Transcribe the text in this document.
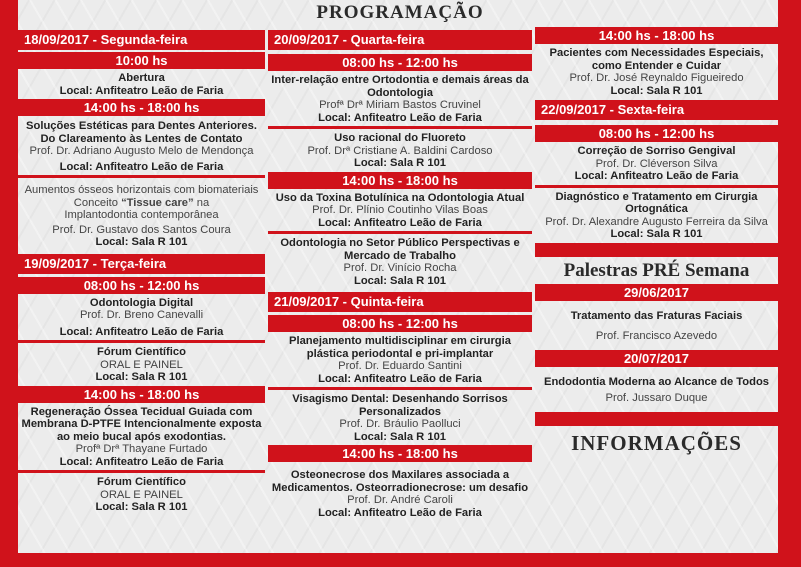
PROGRAMAÇÃO
18/09/2017 - Segunda-feira
10:00 hs
Abertura
Local: Anfiteatro Leão de Faria
14:00 hs - 18:00 hs
Soluções Estéticas para Dentes Anteriores. Do Clareamento às Lentes de Contato
Prof. Dr. Adriano Augusto Melo de Mendonça
Local: Anfiteatro Leão de Faria
Aumentos ósseos horizontais com biomateriais
Conceito “Tissue care” na
Implantodontia contemporânea
Prof. Dr. Gustavo dos Santos Coura
Local: Sala R 101
19/09/2017 - Terça-feira
08:00 hs - 12:00 hs
Odontologia Digital
Prof. Dr. Breno Canevalli
Local: Anfiteatro Leão de Faria
Fórum Científico
ORAL E PAINEL
Local: Sala R 101
14:00 hs - 18:00 hs
Regeneração Óssea Tecidual Guiada com Membrana D-PTFE Intencionalmente exposta ao meio bucal após exodontias.
Profª Drª Thayane Furtado
Local: Anfiteatro Leão de Faria
Fórum Científico
ORAL E PAINEL
Local: Sala R 101
20/09/2017 - Quarta-feira
08:00 hs - 12:00 hs
Inter-relação entre Ortodontia e demais áreas da Odontologia
Profª Drª Miriam Bastos Cruvinel
Local: Anfiteatro Leão de Faria
Uso racional do Fluoreto
Prof. Drª Cristiane A. Baldini Cardoso
Local: Sala R 101
14:00 hs - 18:00 hs
Uso da Toxina Botulínica na Odontologia Atual
Prof. Dr. Plínio Coutinho Vilas Boas
Local: Anfiteatro Leão de Faria
Odontologia no Setor Público Perspectivas e Mercado de Trabalho
Prof. Dr. Vinício Rocha
Local: Sala R 101
21/09/2017 - Quinta-feira
08:00 hs - 12:00 hs
Planejamento multidisciplinar em cirurgia plástica periodontal e pri-implantar
Prof. Dr. Eduardo Santini
Local: Anfiteatro Leão de Faria
Visagismo Dental: Desenhando Sorrisos Personalizados
Prof. Dr. Bráulio Paolluci
Local: Sala R 101
14:00 hs - 18:00 hs
Osteonecrose dos Maxilares associada a Medicamentos. Osteorradionecrose: um desafio
Prof. Dr. André Caroli
Local: Anfiteatro Leão de Faria
14:00 hs - 18:00 hs
Pacientes com Necessidades Especiais, como Entender e Cuidar
Prof. Dr. José Reynaldo Figueiredo
Local: Sala R 101
22/09/2017 - Sexta-feira
08:00 hs - 12:00 hs
Correção de Sorriso Gengival
Prof. Dr. Cléverson Silva
Local: Anfiteatro Leão de Faria
Diagnóstico e Tratamento em Cirurgia Ortognática
Prof. Dr. Alexandre Augusto Ferreira da Silva
Local: Sala R 101
Palestras PRÉ Semana
29/06/2017
Tratamento das Fraturas Faciais
Prof. Francisco Azevedo
20/07/2017
Endodontia Moderna ao Alcance de Todos
Prof. Jussaro Duque
INFORMAÇÕES
